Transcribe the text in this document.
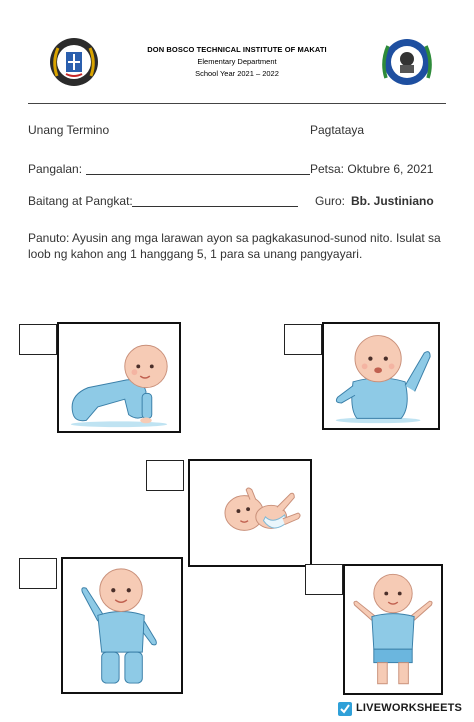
DON BOSCO TECHNICAL INSTITUTE OF MAKATI
Elementary Department
School Year 2021 – 2022
Unang Termino	Pagtataya
Pangalan:	Petsa: Oktubre 6, 2021
Baitang at Pangkat:	Guro: Bb. Justiniano
Panuto: Ayusin ang mga larawan ayon sa pagkakasunod-sunod nito. Isulat sa loob ng kahon ang 1 hanggang 5, 1 para sa unang pangyayari.
LIVEWORKSHEETS
